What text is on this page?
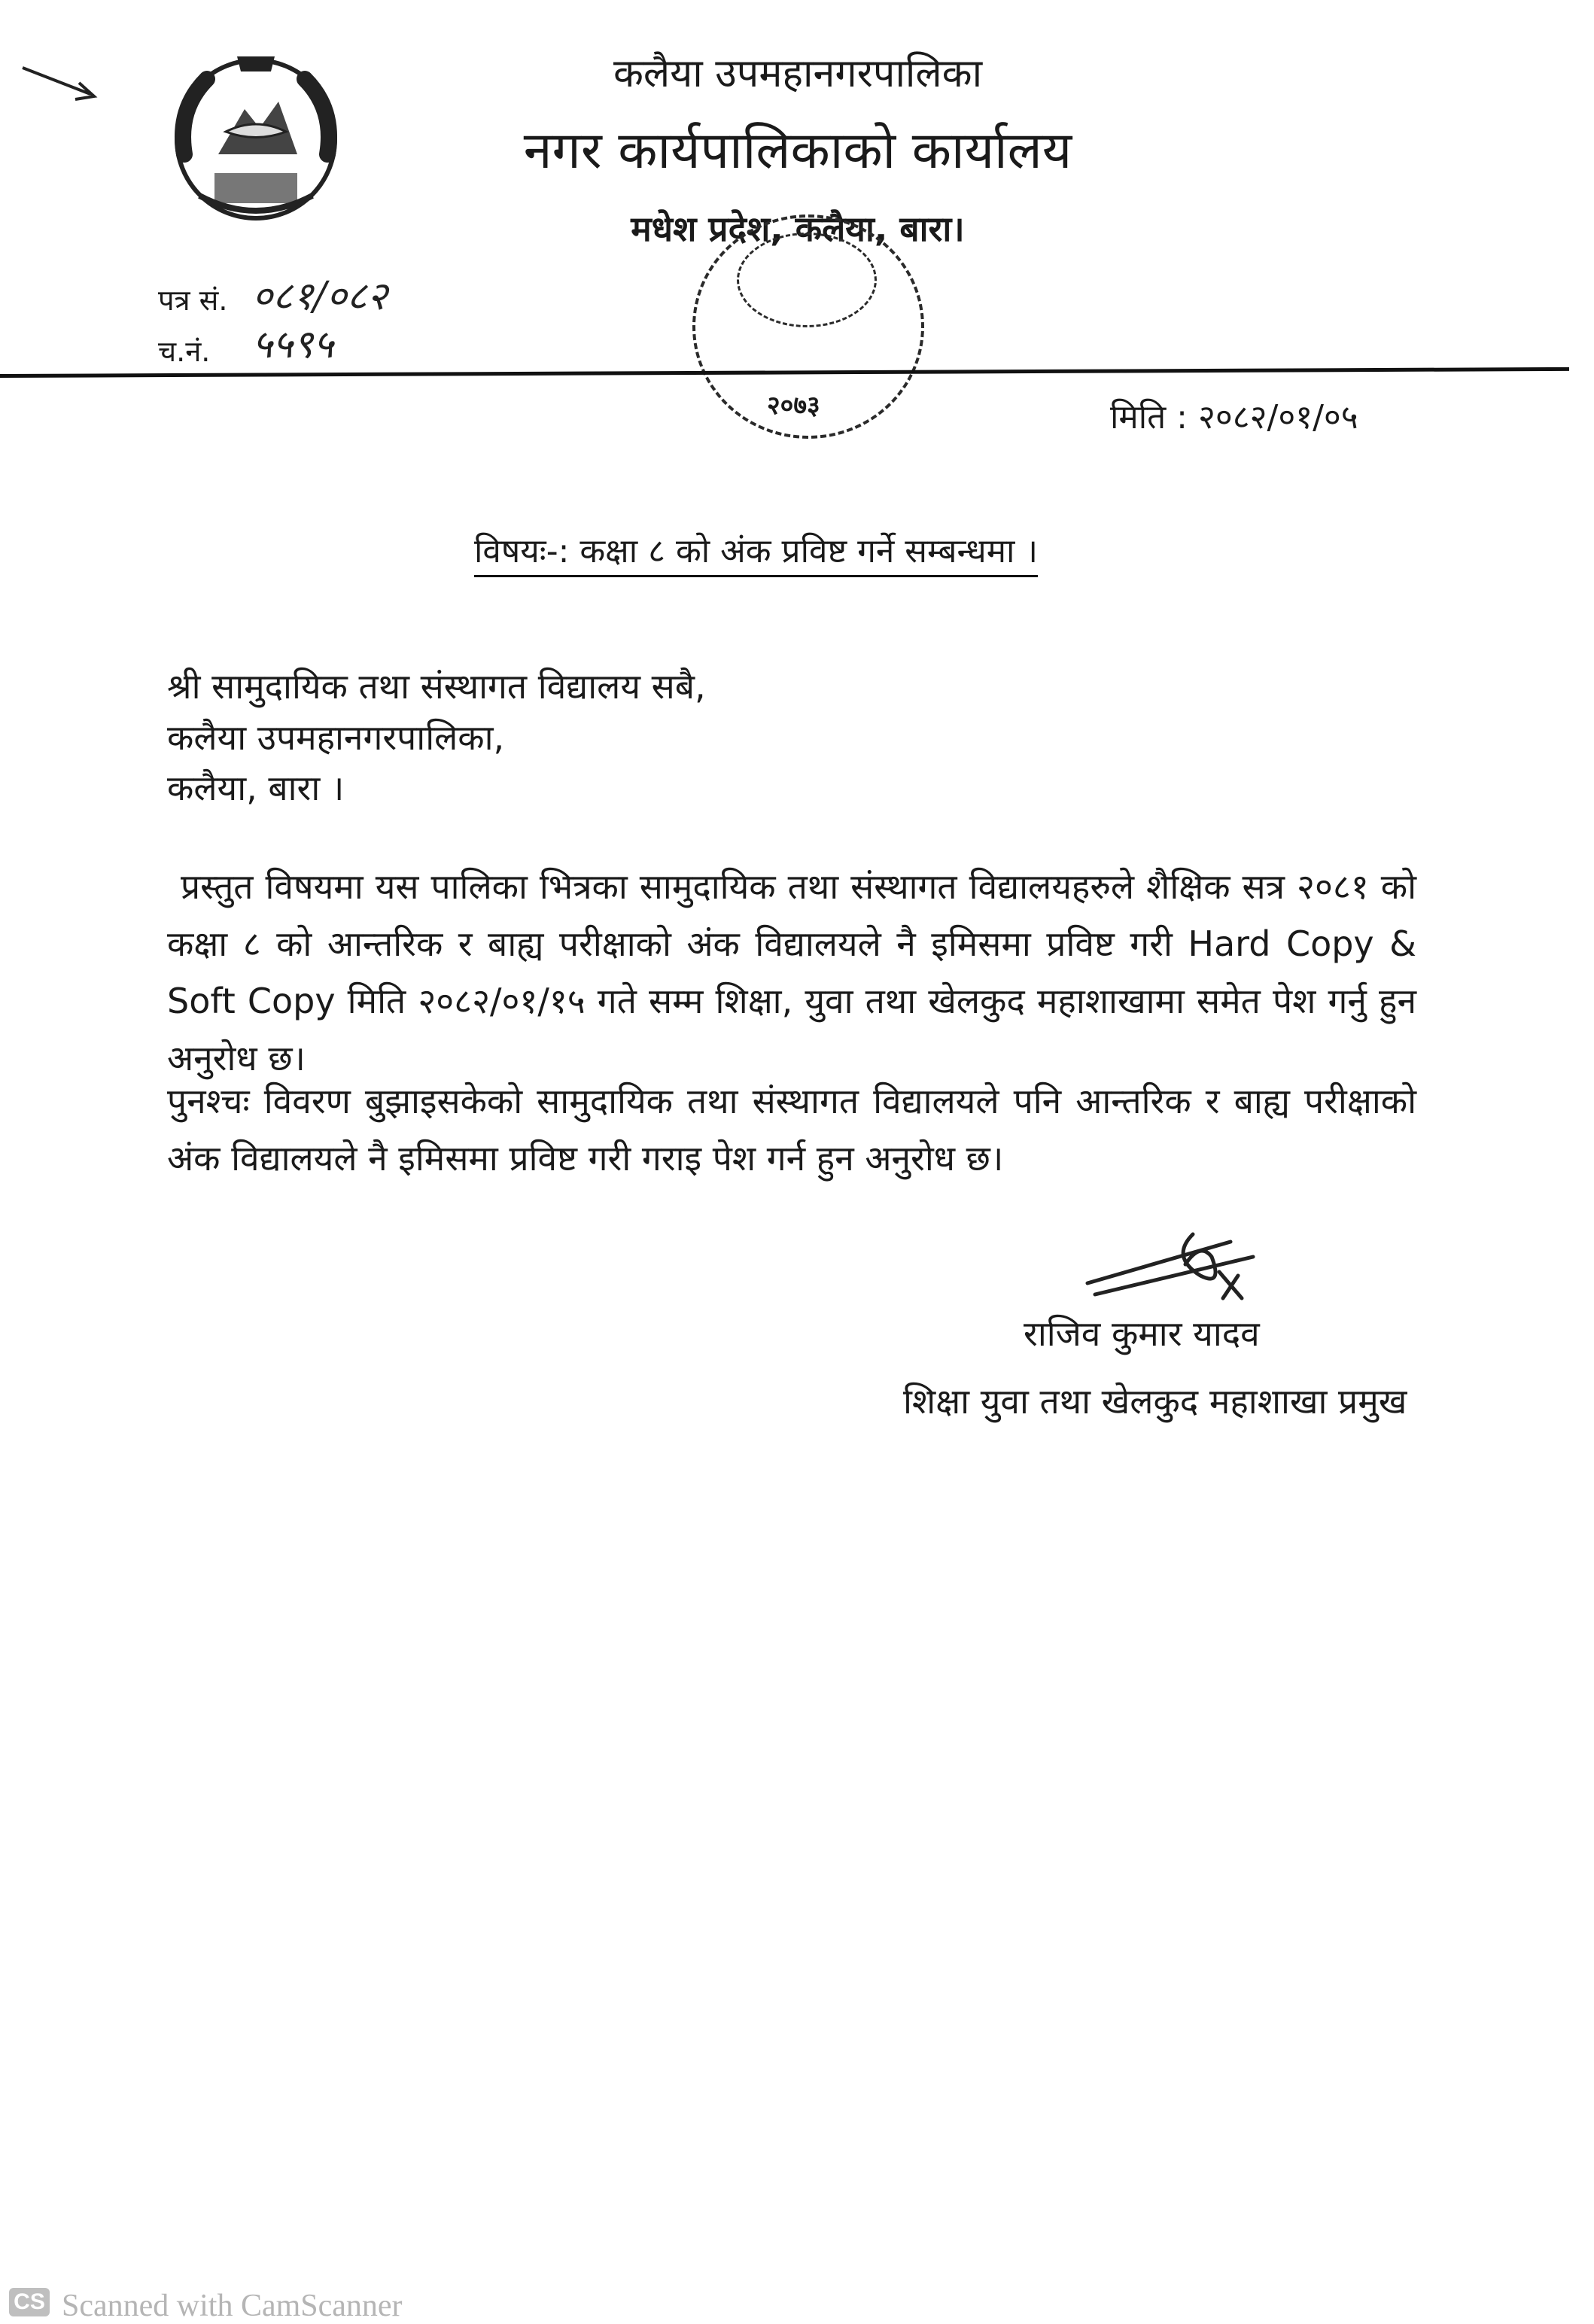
कलैया उपमहानगरपालिका
नगर कार्यपालिकाको कार्यालय
मधेश प्रदेश, कलैया, बारा।
२०७३
पत्र सं. ०८१/०८२
च.नं. ५५९५
मिति : २०८२/०१/०५
विषयः-: कक्षा ८ को अंक प्रविष्ट गर्ने सम्बन्धमा ।
श्री सामुदायिक तथा संस्थागत विद्यालय सबै,
कलैया उपमहानगरपालिका,
कलैया, बारा ।
प्रस्तुत विषयमा यस पालिका भित्रका सामुदायिक तथा संस्थागत विद्यालयहरुले शैक्षिक सत्र २०८१ को कक्षा ८ को आन्तरिक र बाह्य परीक्षाको अंक विद्यालयले नै इमिसमा प्रविष्ट गरी Hard Copy & Soft Copy मिति २०८२/०१/१५ गते सम्म शिक्षा, युवा तथा खेलकुद महाशाखामा समेत पेश गर्नु हुन अनुरोध छ।
पुनश्चः विवरण बुझाइसकेको सामुदायिक तथा संस्थागत विद्यालयले पनि आन्तरिक र बाह्य परीक्षाको अंक विद्यालयले नै इमिसमा प्रविष्ट गरी गराइ पेश गर्न हुन अनुरोध छ।
राजिव कुमार यादव
शिक्षा युवा तथा खेलकुद महाशाखा प्रमुख
CS Scanned with CamScanner
